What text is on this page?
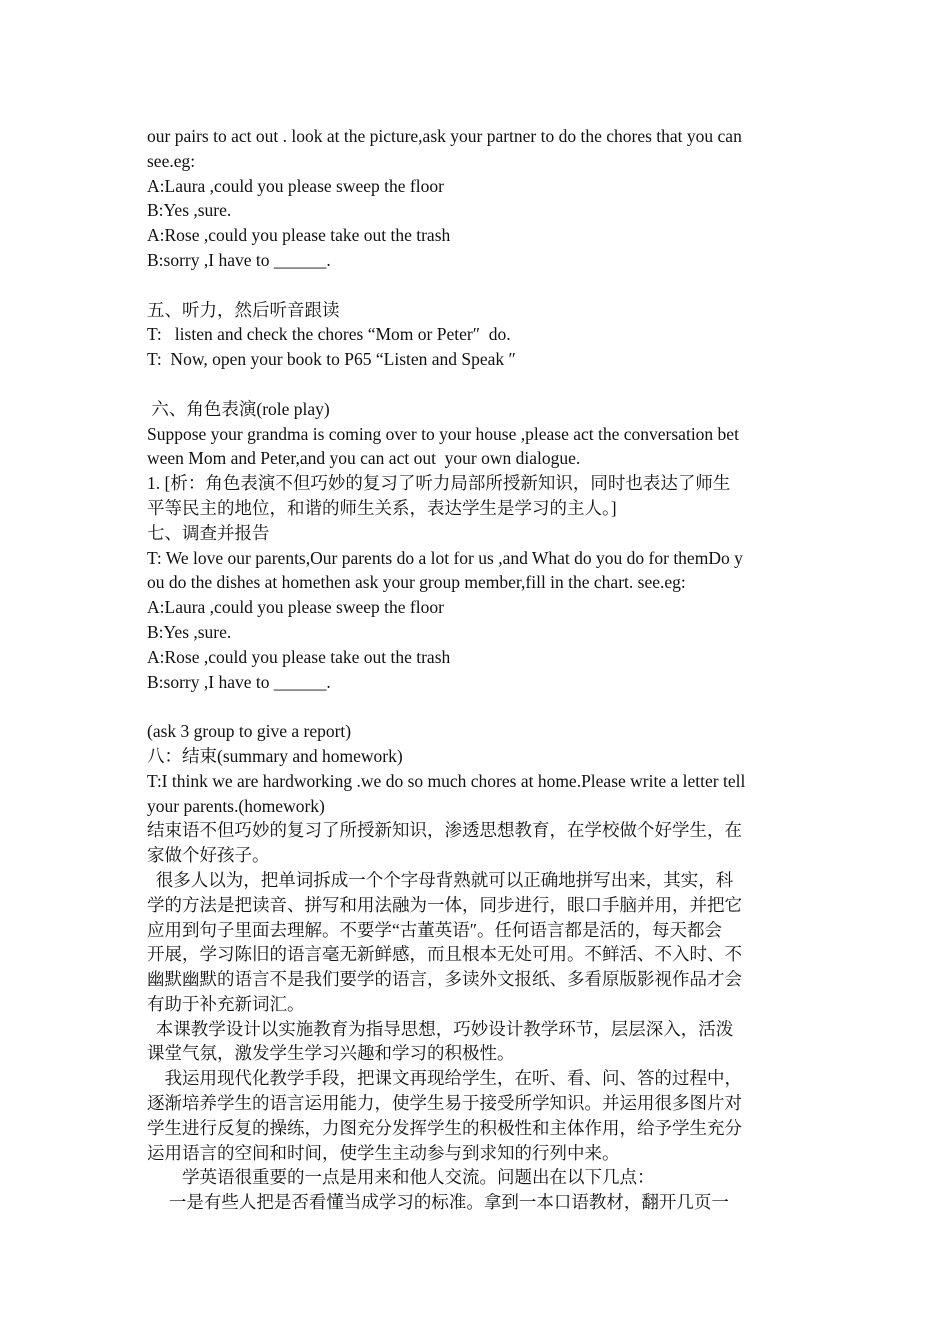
our pairs to act out . look at the picture,ask your partner to do the chores that you can
see.eg:
A:Laura ,could you please sweep the floor
B:Yes ,sure.
A:Rose ,could you please take out the trash
B:sorry ,I have to ______.
五、听力，然后听音跟读
T:   listen and check the chores “Mom or Peter″  do.
T:  Now, open your book to P65 “Listen and Speak ″
六、角色表演(role play)
Suppose your grandma is coming over to your house ,please act the conversation bet
ween Mom and Peter,and you can act out  your own dialogue.
1. [析：角色表演不但巧妙的复习了听力局部所授新知识，同时也表达了师生
平等民主的地位，和谐的师生关系，表达学生是学习的主人。]
七、调查并报告
T: We love our parents,Our parents do a lot for us ,and What do you do for themDo y
ou do the dishes at homethen ask your group member,fill in the chart. see.eg:
A:Laura ,could you please sweep the floor
B:Yes ,sure.
A:Rose ,could you please take out the trash
B:sorry ,I have to ______.
(ask 3 group to give a report)
八：结束(summary and homework)
T:I think we are hardworking .we do so much chores at home.Please write a letter tell
your parents.(homework)
结束语不但巧妙的复习了所授新知识，渗透思想教育，在学校做个好学生，在
家做个好孩子。
很多人以为，把单词拆成一个个字母背熟就可以正确地拼写出来，其实，科
学的方法是把读音、拼写和用法融为一体，同步进行，眼口手脑并用，并把它
应用到句子里面去理解。不要学“古董英语″。任何语言都是活的，每天都会
开展，学习陈旧的语言毫无新鲜感，而且根本无处可用。不鲜活、不入时、不
幽默幽默的语言不是我们要学的语言，多读外文报纸、多看原版影视作品才会
有助于补充新词汇。
本课教学设计以实施教育为指导思想，巧妙设计教学环节，层层深入，活泼
课堂气氛，激发学生学习兴趣和学习的积极性。
我运用现代化教学手段，把课文再现给学生，在听、看、问、答的过程中，
逐渐培养学生的语言运用能力，使学生易于接受所学知识。并运用很多图片对
学生进行反复的操练，力图充分发挥学生的积极性和主体作用，给予学生充分
运用语言的空间和时间，使学生主动参与到求知的行列中来。
学英语很重要的一点是用来和他人交流。问题出在以下几点：
一是有些人把是否看懂当成学习的标准。拿到一本口语教材，翻开几页一
